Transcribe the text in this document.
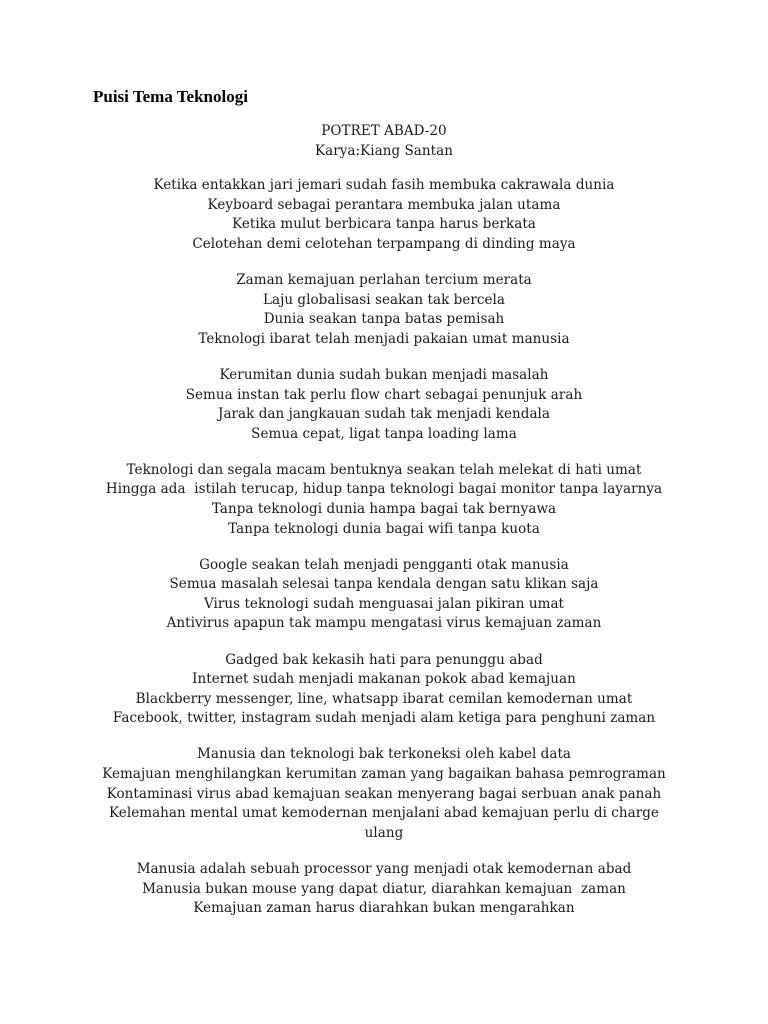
Puisi Tema Teknologi
POTRET ABAD-20
Karya:Kiang Santan
Ketika entakkan jari jemari sudah fasih membuka cakrawala dunia
Keyboard sebagai perantara membuka jalan utama
Ketika mulut berbicara tanpa harus berkata
Celotehan demi celotehan terpampang di dinding maya
Zaman kemajuan perlahan tercium merata
Laju globalisasi seakan tak bercela
Dunia seakan tanpa batas pemisah
Teknologi ibarat telah menjadi pakaian umat manusia
Kerumitan dunia sudah bukan menjadi masalah
Semua instan tak perlu flow chart sebagai penunjuk arah
Jarak dan jangkauan sudah tak menjadi kendala
Semua cepat, ligat tanpa loading lama
Teknologi dan segala macam bentuknya seakan telah melekat di hati umat
Hingga ada  istilah terucap, hidup tanpa teknologi bagai monitor tanpa layarnya
Tanpa teknologi dunia hampa bagai tak bernyawa
Tanpa teknologi dunia bagai wifi tanpa kuota
Google seakan telah menjadi pengganti otak manusia
Semua masalah selesai tanpa kendala dengan satu klikan saja
Virus teknologi sudah menguasai jalan pikiran umat
Antivirus apapun tak mampu mengatasi virus kemajuan zaman
Gadged bak kekasih hati para penunggu abad
Internet sudah menjadi makanan pokok abad kemajuan
Blackberry messenger, line, whatsapp ibarat cemilan kemodernan umat
Facebook, twitter, instagram sudah menjadi alam ketiga para penghuni zaman
Manusia dan teknologi bak terkoneksi oleh kabel data
Kemajuan menghilangkan kerumitan zaman yang bagaikan bahasa pemrograman
Kontaminasi virus abad kemajuan seakan menyerang bagai serbuan anak panah
Kelemahan mental umat kemodernan menjalani abad kemajuan perlu di charge
ulang
Manusia adalah sebuah processor yang menjadi otak kemodernan abad
Manusia bukan mouse yang dapat diatur, diarahkan kemajuan  zaman
Kemajuan zaman harus diarahkan bukan mengarahkan
